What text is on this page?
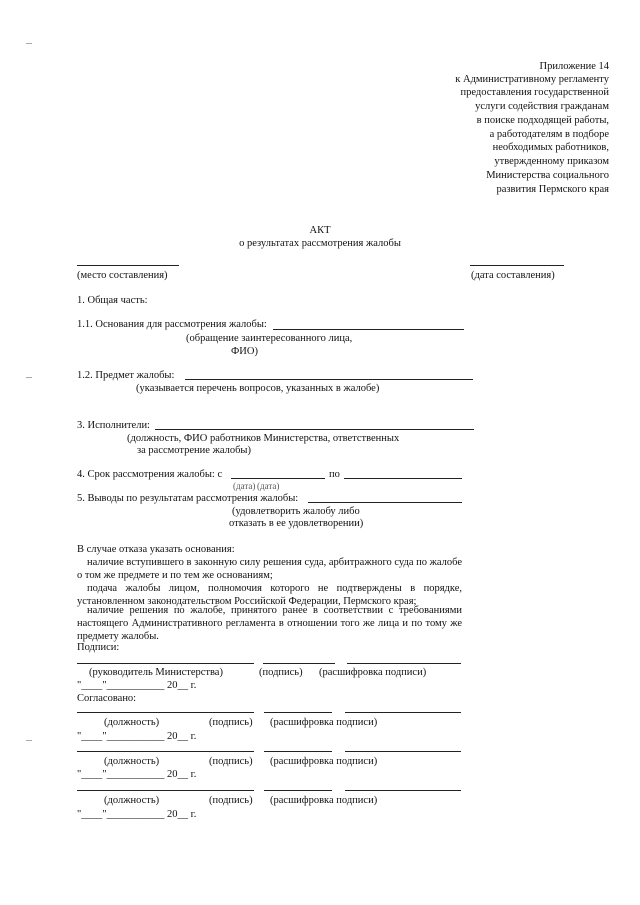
Приложение 14
к Административному регламенту
предоставления государственной
услуги содействия гражданам
в поиске подходящей работы,
а работодателям в подборе
необходимых работников,
утвержденному приказом
Министерства социального
развития Пермского края
АКТ
о результатах рассмотрения жалобы
(место составления)	(дата составления)
1. Общая часть:
1.1. Основания для рассмотрения жалобы:
(обращение заинтересованного лица,
ФИО)
1.2. Предмет жалобы:
(указывается перечень вопросов, указанных в жалобе)
3. Исполнители:
(должность, ФИО работников Министерства, ответственных
за рассмотрение жалобы)
4. Срок рассмотрения жалобы: с	по
(дата) (дата)
5. Выводы по результатам рассмотрения жалобы:
(удовлетворить жалобу либо
отказать в ее удовлетворении)
В случае отказа указать основания:
наличие вступившего в законную силу решения суда, арбитражного суда по жалобе о том же предмете и по тем же основаниям;
подача жалобы лицом, полномочия которого не подтверждены в порядке, установленном законодательством Российской Федерации, Пермского края;
наличие решения по жалобе, принятого ранее в соответствии с требованиями настоящего Административного регламента в отношении того же лица и по тому же предмету жалобы.
Подписи:
(руководитель Министерства)	(подпись) (расшифровка подписи)
"____"___________ 20__ г.
Согласовано:
(должность)	(подпись) (расшифровка подписи)
"____"___________ 20__ г.
(должность)	(подпись) (расшифровка подписи)
"____"___________ 20__ г.
(должность)	(подпись) (расшифровка подписи)
"____"___________ 20__ г.
